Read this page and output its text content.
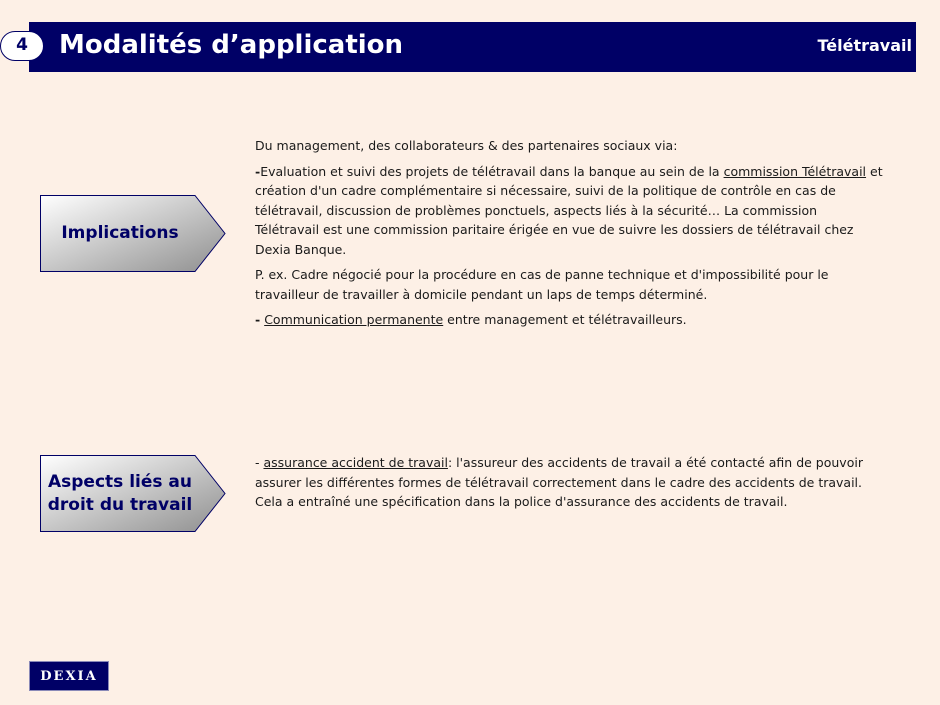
4	Modalités d’application	Télétravail
Implications
Aspects liés au
droit du travail

Du management, des collaborateurs & des partenaires sociaux via:

-Evaluation et suivi des projets de télétravail dans la banque au sein de la commission Télétravail et création d'un cadre complémentaire si nécessaire, suivi de la politique de contrôle en cas de télétravail, discussion de problèmes ponctuels, aspects liés à la sécurité… La commission Télétravail est une commission paritaire érigée en vue de suivre les dossiers de télétravail chez Dexia Banque.

P. ex. Cadre négocié pour la procédure en cas de panne technique et d'impossibilité pour le travailleur de travailler à domicile pendant un laps de temps déterminé.

- Communication permanente entre management et télétravailleurs.

- assurance accident de travail: l'assureur des accidents de travail a été contacté afin de pouvoir assurer les différentes formes de télétravail correctement dans le cadre des accidents de travail. Cela a entraîné une spécification dans la police d'assurance des accidents de travail.

DEXIA
